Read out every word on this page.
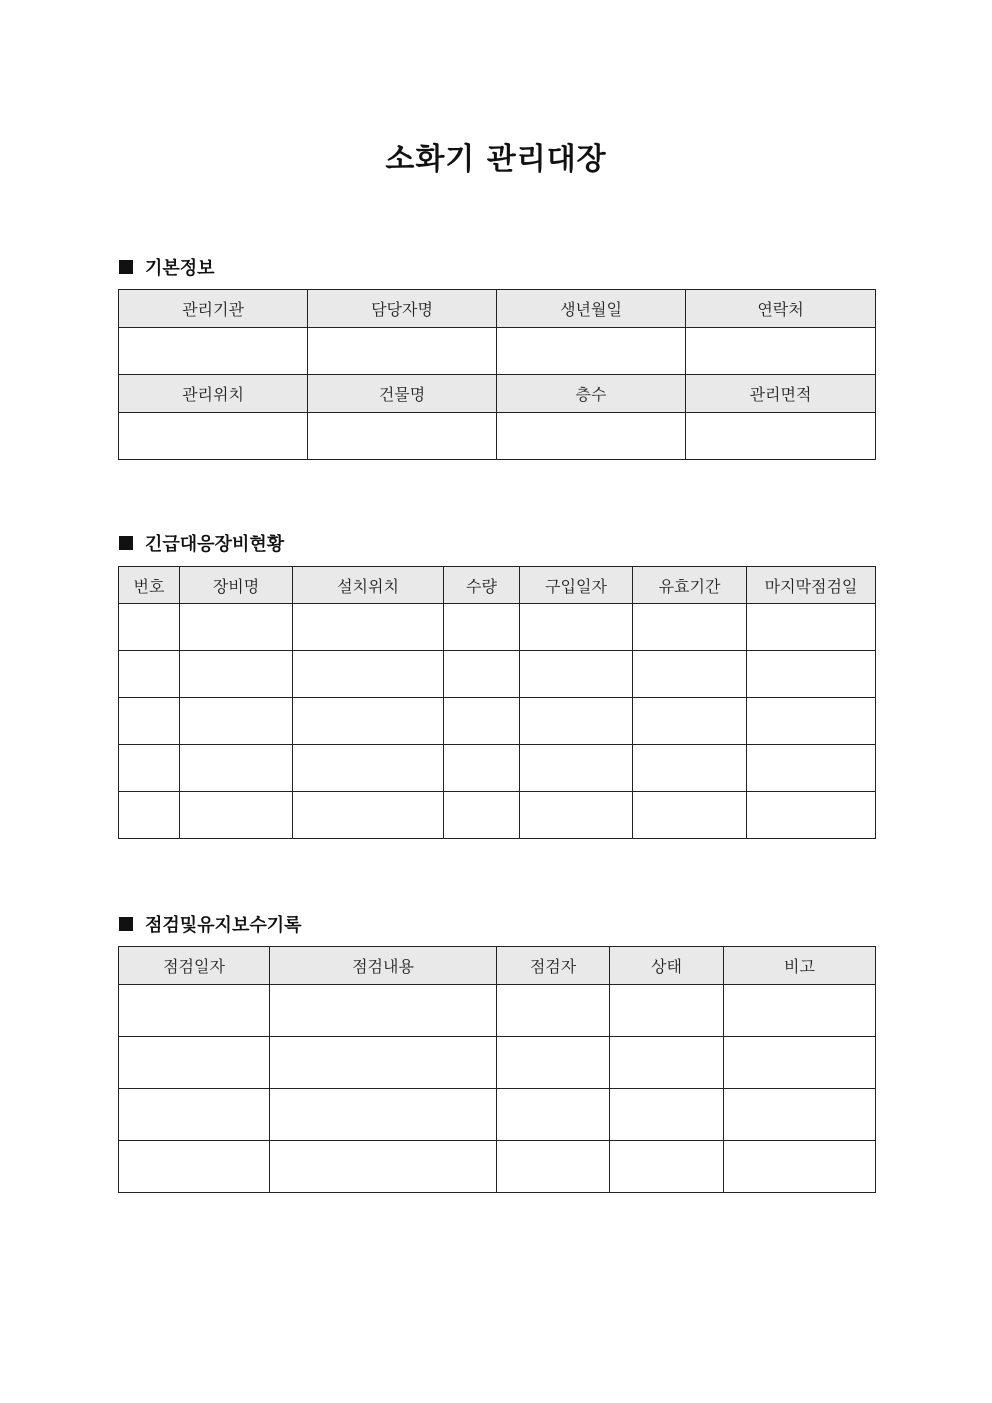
소화기 관리대장
기본정보
관리기관	담당자명	생년월일	연락처

관리위치	건물명	층수	관리면적

긴급대응장비현황
번호	장비명	설치위치	수량	구입일자	유효기간	마지막점검일

점검및유지보수기록
점검일자	점검내용	점검자	상태	비고
